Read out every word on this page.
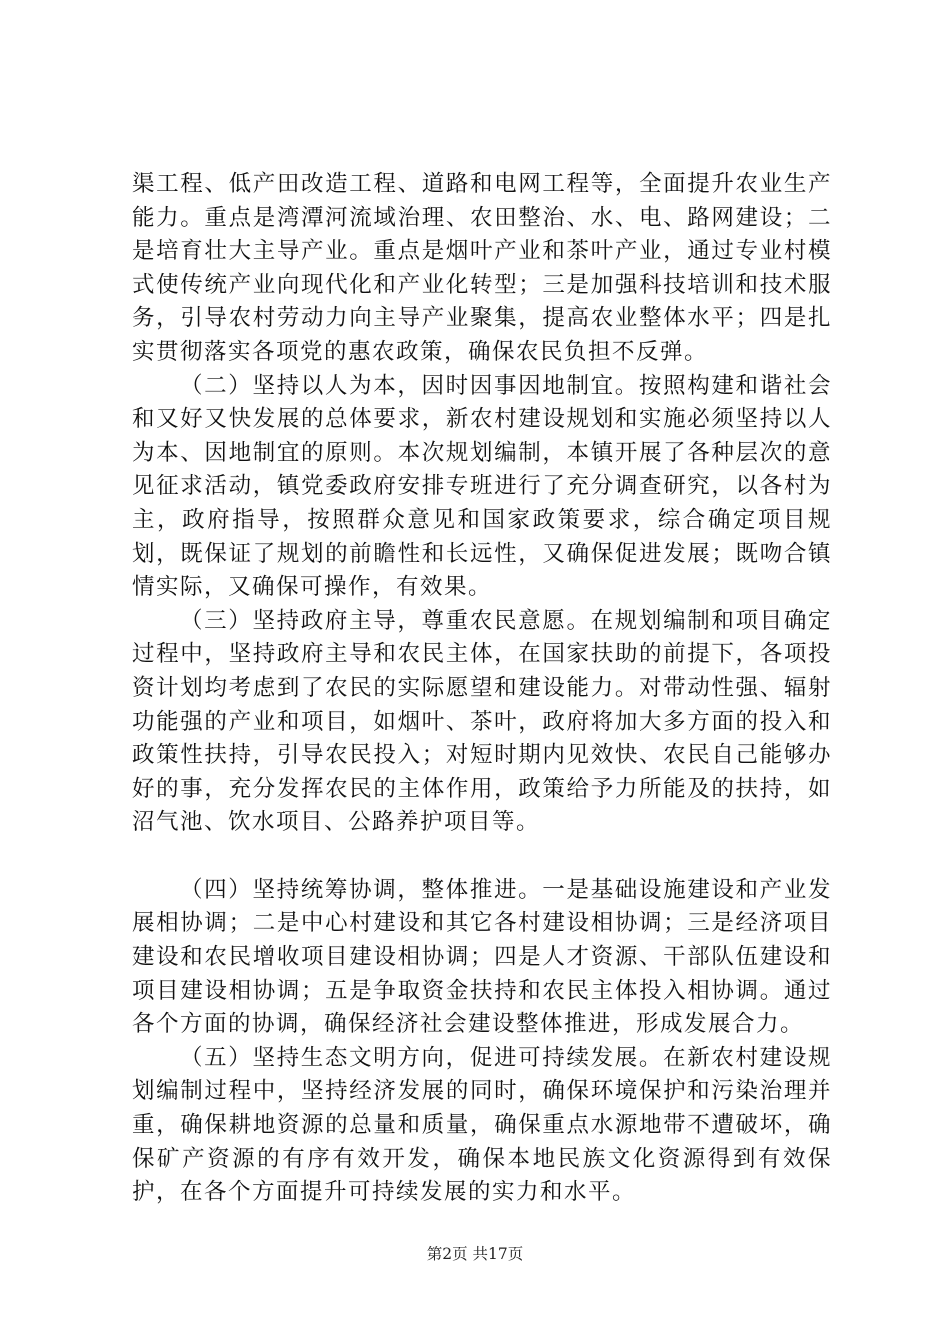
渠工程、低产田改造工程、道路和电网工程等，全面提升农业生产能力。重点是湾潭河流域治理、农田整治、水、电、路网建设；二是培育壮大主导产业。重点是烟叶产业和茶叶产业，通过专业村模式使传统产业向现代化和产业化转型；三是加强科技培训和技术服务，引导农村劳动力向主导产业聚集，提高农业整体水平；四是扎实贯彻落实各项党的惠农政策，确保农民负担不反弹。

（二）坚持以人为本，因时因事因地制宜。按照构建和谐社会和又好又快发展的总体要求，新农村建设规划和实施必须坚持以人为本、因地制宜的原则。本次规划编制，本镇开展了各种层次的意见征求活动，镇党委政府安排专班进行了充分调查研究，以各村为主，政府指导，按照群众意见和国家政策要求，综合确定项目规划，既保证了规划的前瞻性和长远性，又确保促进发展；既吻合镇情实际，又确保可操作，有效果。

（三）坚持政府主导，尊重农民意愿。在规划编制和项目确定过程中，坚持政府主导和农民主体，在国家扶助的前提下，各项投资计划均考虑到了农民的实际愿望和建设能力。对带动性强、辐射功能强的产业和项目，如烟叶、茶叶，政府将加大多方面的投入和政策性扶持，引导农民投入；对短时期内见效快、农民自己能够办好的事，充分发挥农民的主体作用，政策给予力所能及的扶持，如沼气池、饮水项目、公路养护项目等。

（四）坚持统筹协调，整体推进。一是基础设施建设和产业发展相协调；二是中心村建设和其它各村建设相协调；三是经济项目建设和农民增收项目建设相协调；四是人才资源、干部队伍建设和项目建设相协调；五是争取资金扶持和农民主体投入相协调。通过各个方面的协调，确保经济社会建设整体推进，形成发展合力。

（五）坚持生态文明方向，促进可持续发展。在新农村建设规划编制过程中，坚持经济发展的同时，确保环境保护和污染治理并重，确保耕地资源的总量和质量，确保重点水源地带不遭破坏，确保矿产资源的有序有效开发，确保本地民族文化资源得到有效保护，在各个方面提升可持续发展的实力和水平。

第2页 共17页
